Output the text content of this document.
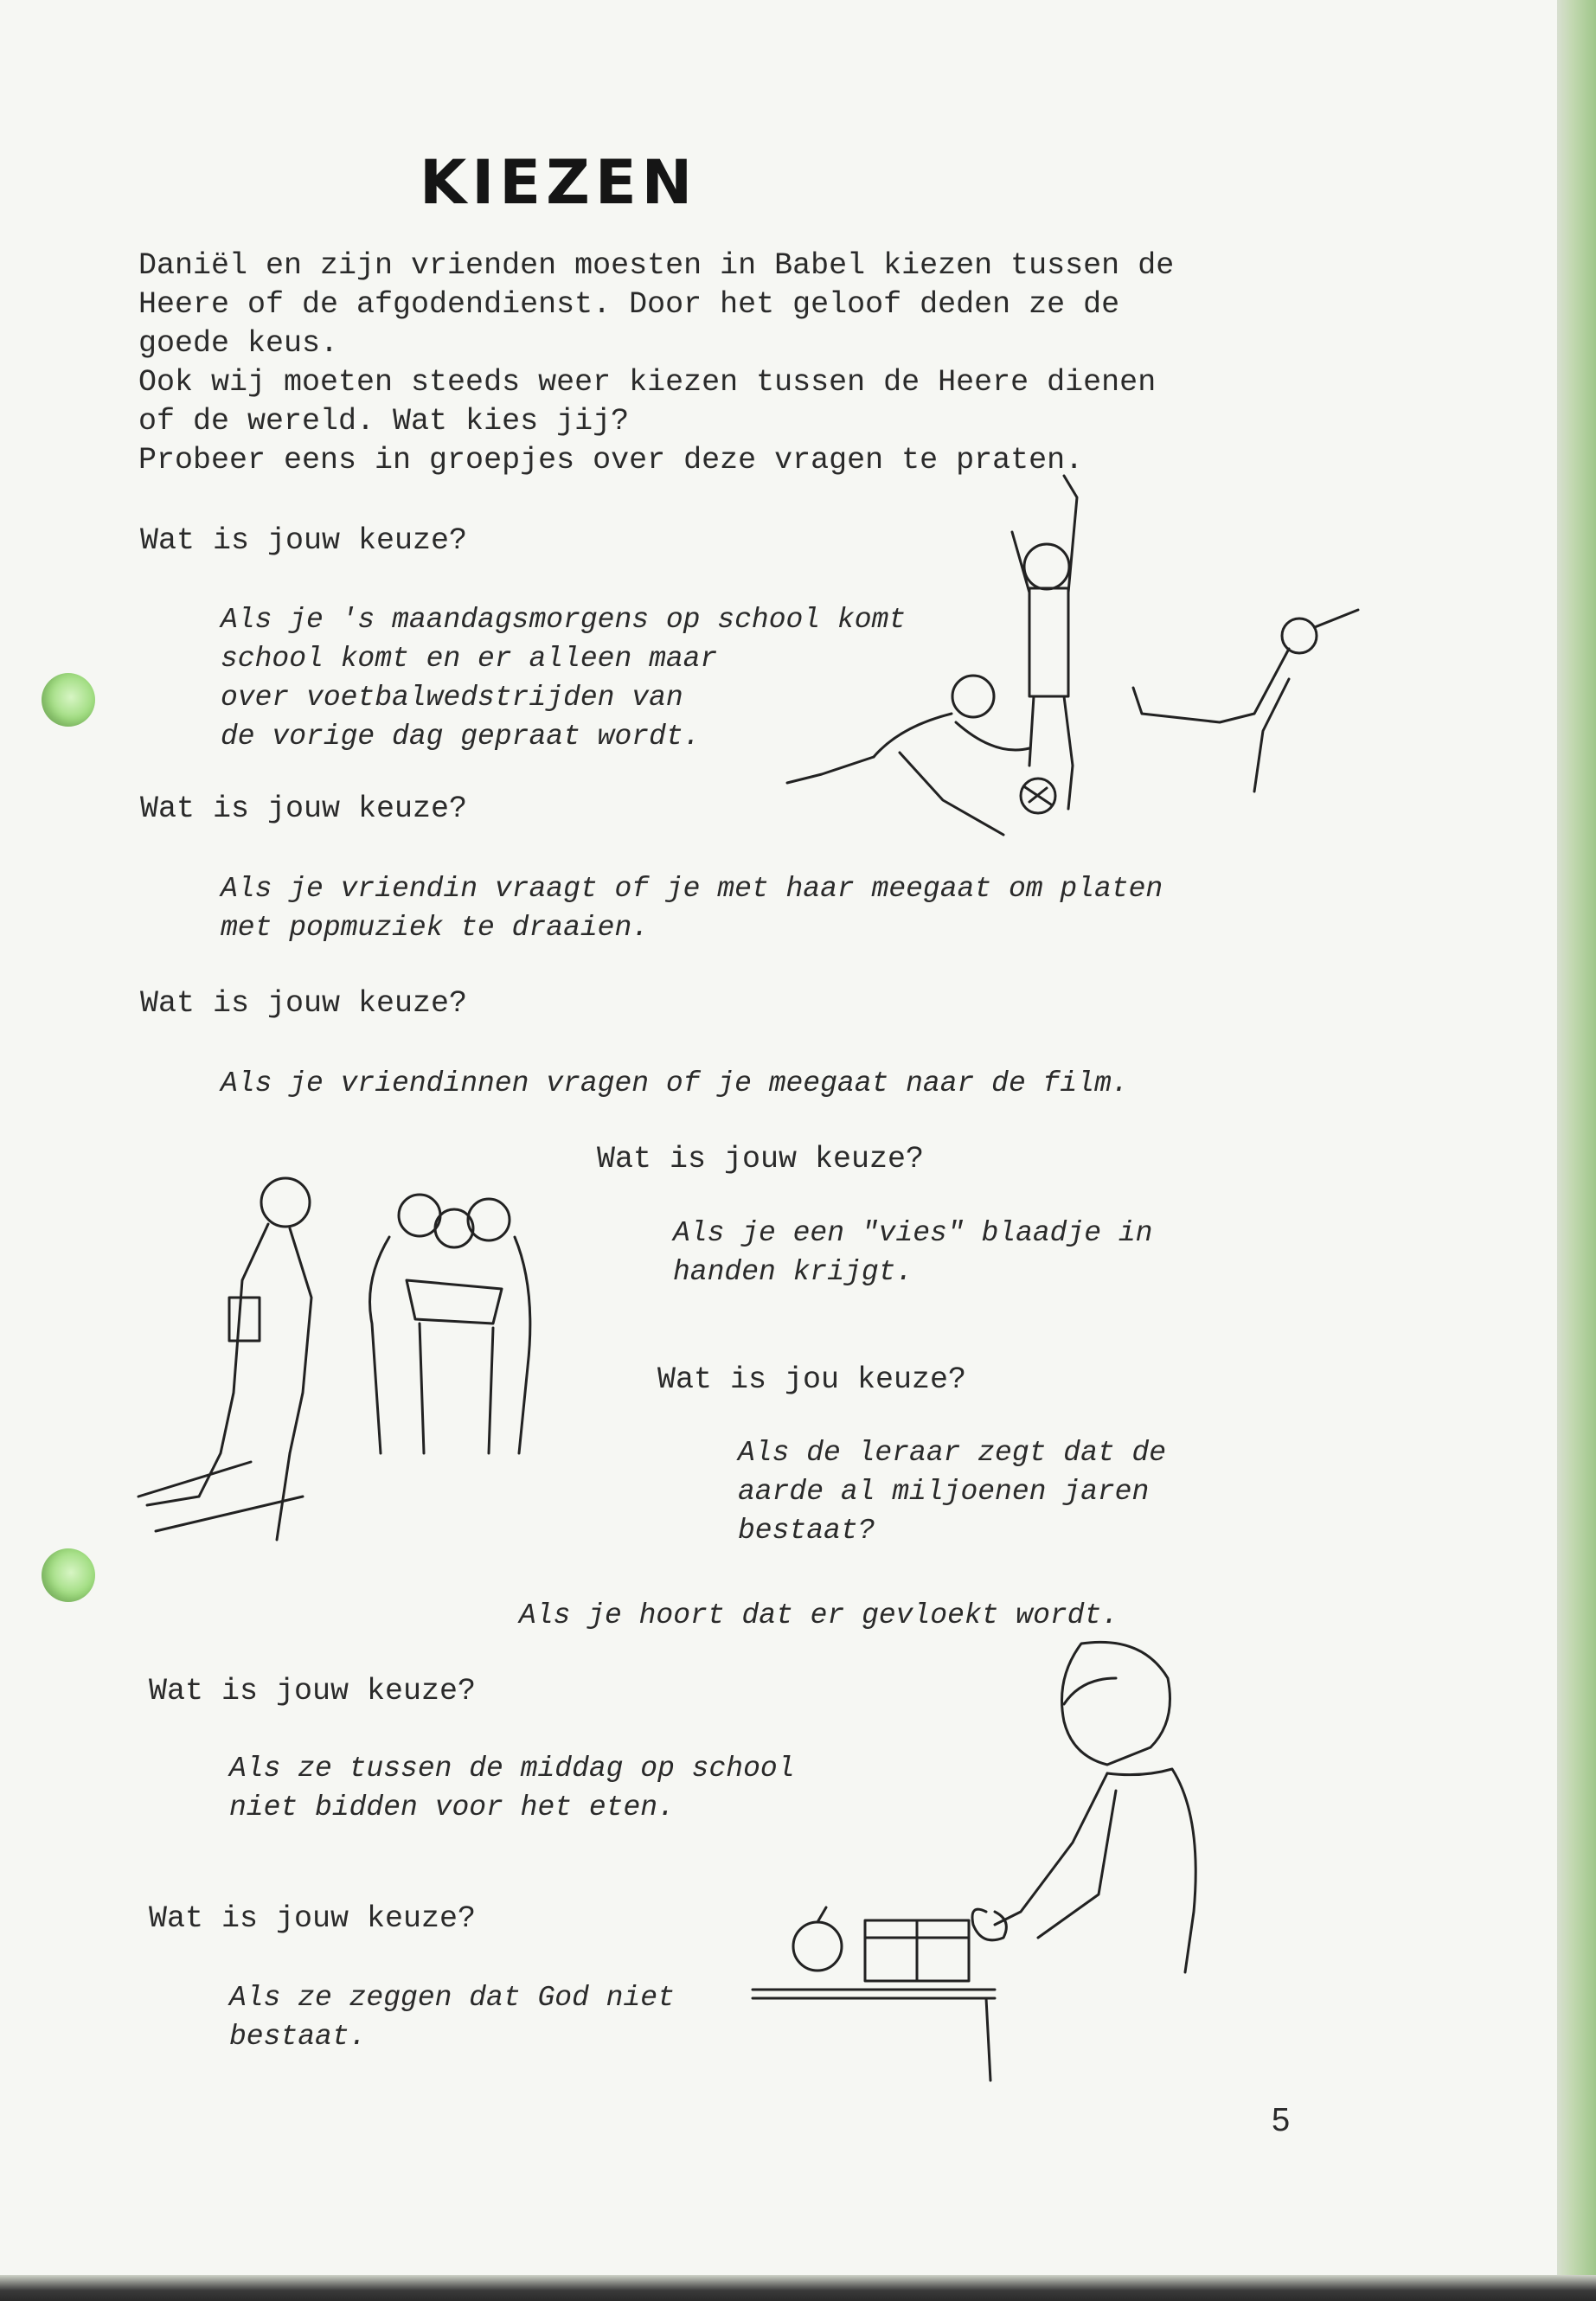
KIEZEN

Daniël en zijn vrienden moesten in Babel kiezen tussen de

Heere of de afgodendienst. Door het geloof deden ze de

goede keus.

Ook wij moeten steeds weer kiezen tussen de Heere dienen

of de wereld. Wat kies jij?

Probeer eens in groepjes over deze vragen te praten.

Wat is jouw keuze?
Als je 's maandagsmorgens op school komt
school komt en er alleen maar
over voetbalwedstrijden van
de vorige dag gepraat wordt.
Wat is jouw keuze?
Als je vriendin vraagt of je met haar meegaat om platen
met popmuziek te draaien.
Wat is jouw keuze?
Als je vriendinnen vragen of je meegaat naar de film.
Wat is jouw keuze?
Als je een "vies" blaadje in
handen krijgt.
Wat is jou keuze?
Als de leraar zegt dat de
aarde al miljoenen jaren
bestaat?
Als je hoort dat er gevloekt wordt.
Wat is jouw keuze?
Als ze tussen de middag op school
niet bidden voor het eten.
Wat is jouw keuze?
Als ze zeggen dat God niet
bestaat.
5
